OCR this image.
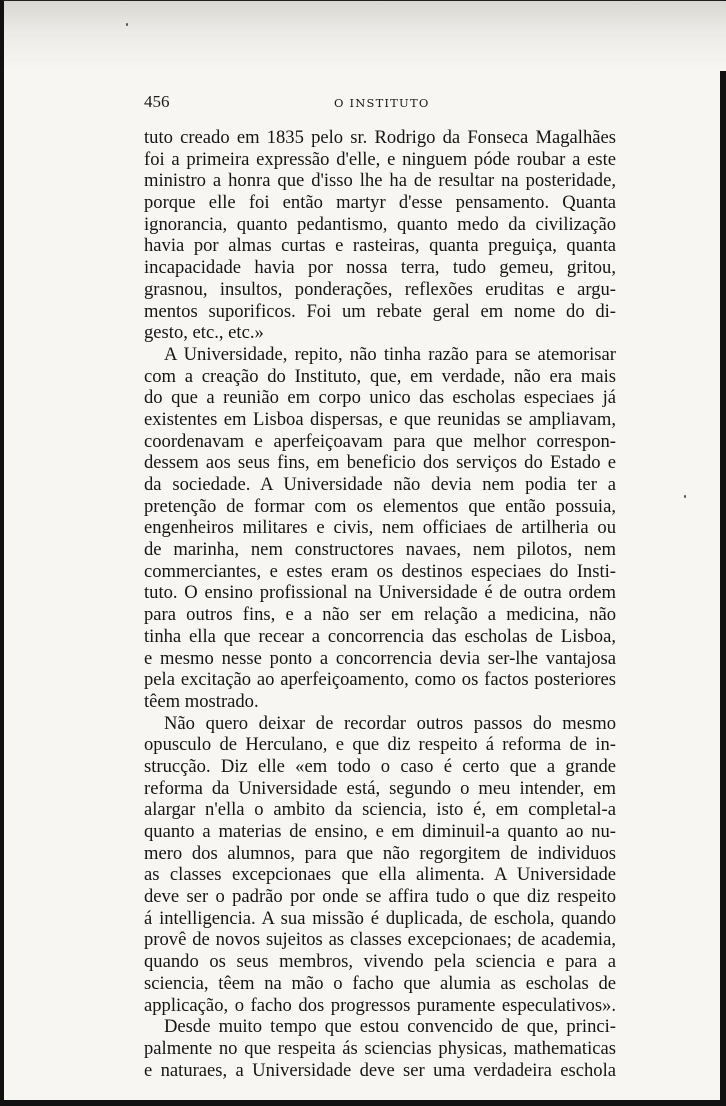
456	O INSTITUTO
tuto creado em 1835 pelo sr. Rodrigo da Fonseca Magalhães
foi a primeira expressão d'elle, e ninguem póde roubar a este
ministro a honra que d'isso lhe ha de resultar na posteridade,
porque elle foi então martyr d'esse pensamento. Quanta
ignorancia, quanto pedantismo, quanto medo da civilização
havia por almas curtas e rasteiras, quanta preguiça, quanta
incapacidade havia por nossa terra, tudo gemeu, gritou,
grasnou, insultos, ponderações, reflexões eruditas e argu-
mentos suporificos. Foi um rebate geral em nome do di-
gesto, etc., etc.»
A Universidade, repito, não tinha razão para se atemorisar
com a creação do Instituto, que, em verdade, não era mais
do que a reunião em corpo unico das escholas especiaes já
existentes em Lisboa dispersas, e que reunidas se ampliavam,
coordenavam e aperfeiçoavam para que melhor correspon-
dessem aos seus fins, em beneficio dos serviços do Estado e
da sociedade. A Universidade não devia nem podia ter a
pretenção de formar com os elementos que então possuia,
engenheiros militares e civis, nem officiaes de artilheria ou
de marinha, nem constructores navaes, nem pilotos, nem
commerciantes, e estes eram os destinos especiaes do Insti-
tuto. O ensino profissional na Universidade é de outra ordem
para outros fins, e a não ser em relação a medicina, não
tinha ella que recear a concorrencia das escholas de Lisboa,
e mesmo nesse ponto a concorrencia devia ser-lhe vantajosa
pela excitação ao aperfeiçoamento, como os factos posteriores
têem mostrado.
Não quero deixar de recordar outros passos do mesmo
opusculo de Herculano, e que diz respeito á reforma de in-
strucção. Diz elle «em todo o caso é certo que a grande
reforma da Universidade está, segundo o meu intender, em
alargar n'ella o ambito da sciencia, isto é, em completal-a
quanto a materias de ensino, e em diminuil-a quanto ao nu-
mero dos alumnos, para que não regorgitem de individuos
as classes excepcionaes que ella alimenta. A Universidade
deve ser o padrão por onde se affira tudo o que diz respeito
á intelligencia. A sua missão é duplicada, de eschola, quando
provê de novos sujeitos as classes excepcionaes; de academia,
quando os seus membros, vivendo pela sciencia e para a
sciencia, têem na mão o facho que alumia as escholas de
applicação, o facho dos progressos puramente especulativos».
Desde muito tempo que estou convencido de que, princi-
palmente no que respeita ás sciencias physicas, mathematicas
e naturaes, a Universidade deve ser uma verdadeira eschola
